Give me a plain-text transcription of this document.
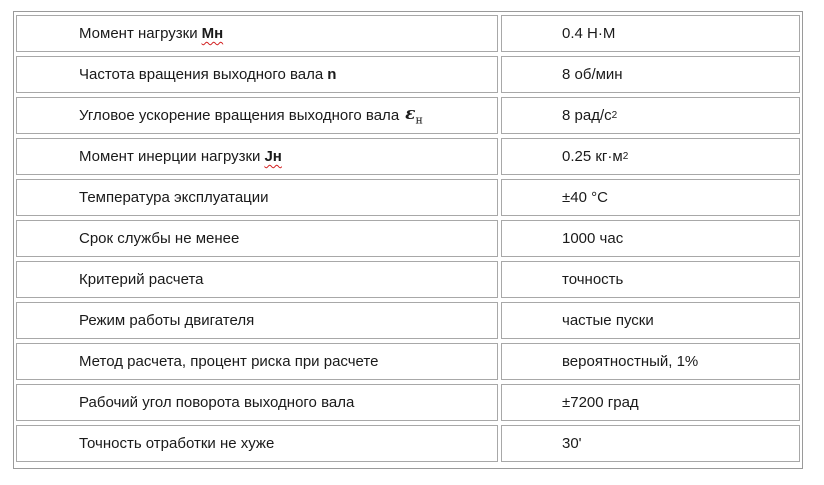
Момент нагрузки Мн	0.4 Н·М
Частота вращения выходного вала n	8 об/мин
Угловое ускорение вращения выходного вала $\varepsilon_н$	8 рад/с 2
Момент инерции нагрузки Jн	0.25 кг·м 2
Температура эксплуатации	±40 °С
Срок службы не менее	1000 час
Критерий расчета	точность
Режим работы двигателя	частые пуски
Метод расчета, процент риска при расчете	вероятностный, 1%
Рабочий угол поворота выходного вала	±7200 град
Точность отработки не хуже	30'
